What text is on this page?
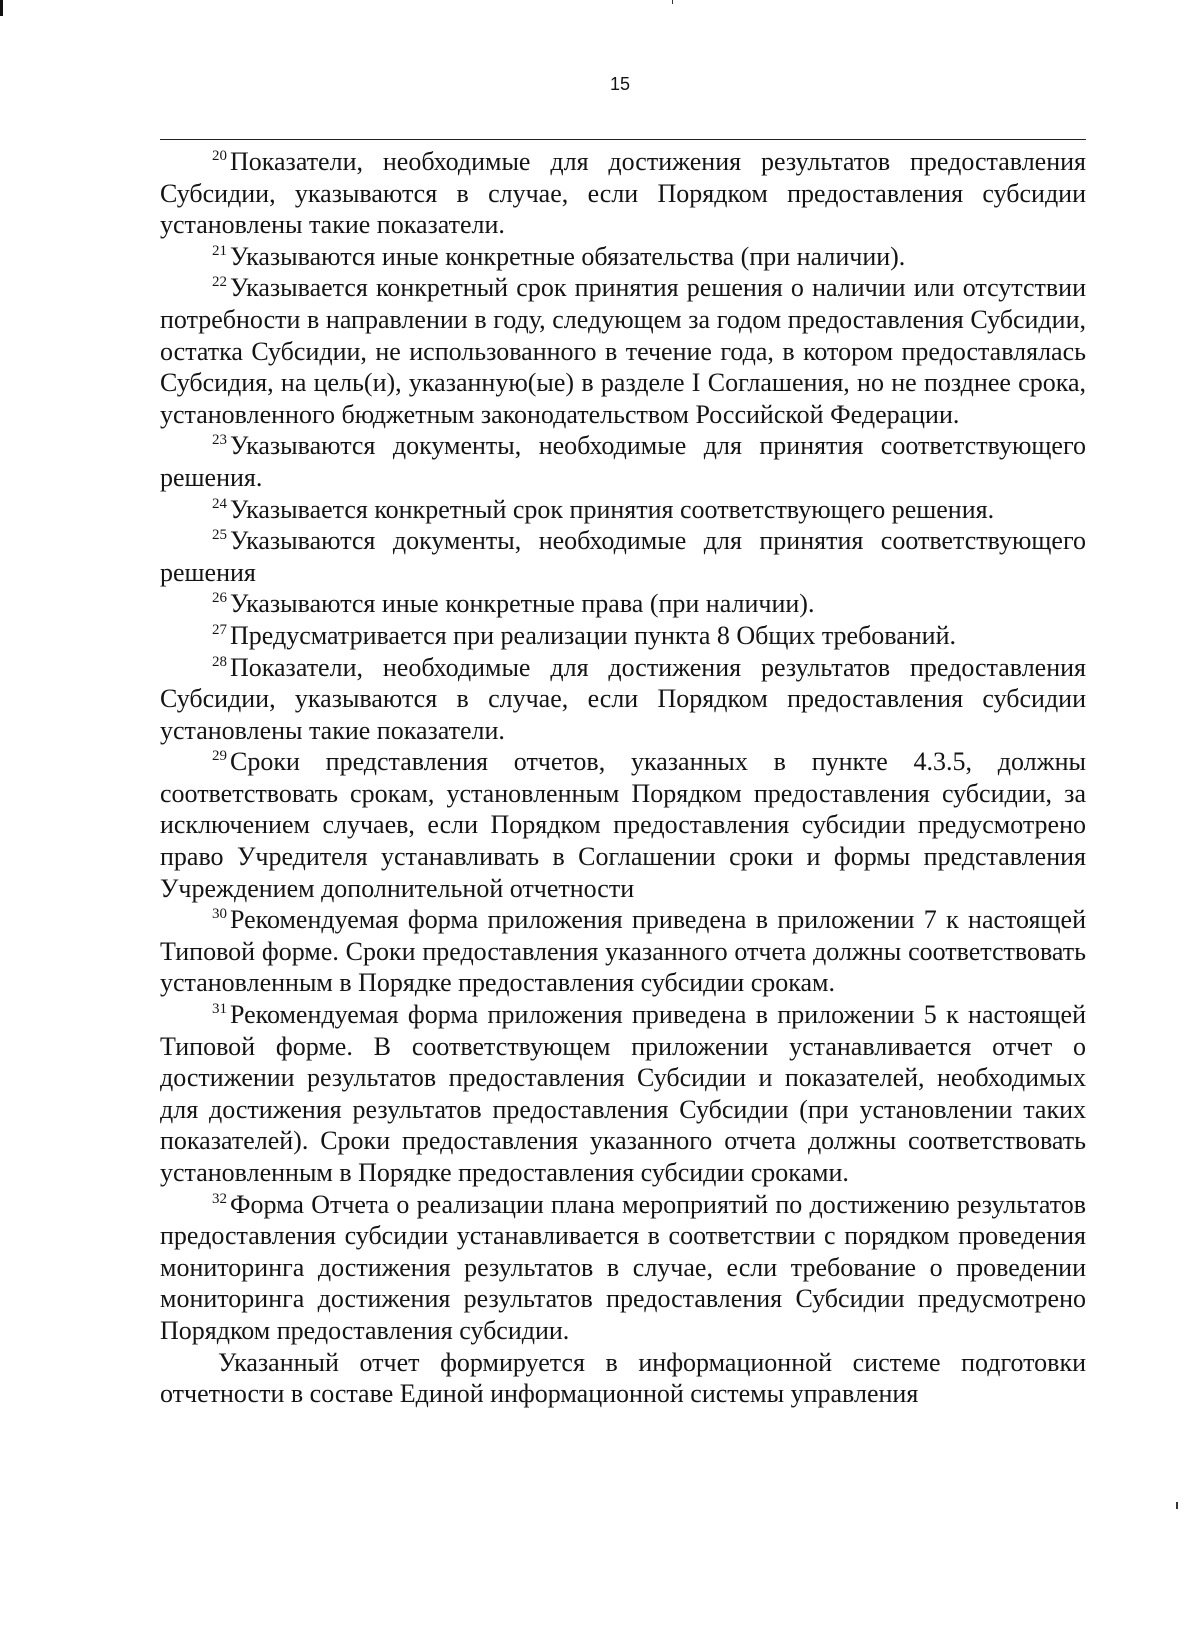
15

$^{20}$ Показатели, необходимые для достижения результатов предоставления Субсидии, указываются в случае, если Порядком предоставления субсидии установлены такие показатели.

$^{21}$ Указываются иные конкретные обязательства (при наличии).

$^{22}$ Указывается конкретный срок принятия решения о наличии или отсутствии потребности в направлении в году, следующем за годом предоставления Субсидии, остатка Субсидии, не использованного в течение года, в котором предоставлялась Субсидия, на цель(и), указанную(ые) в разделе I Соглашения, но не позднее срока, установленного бюджетным законодательством Российской Федерации.

$^{23}$ Указываются документы, необходимые для принятия соответствующего решения.

$^{24}$ Указывается конкретный срок принятия соответствующего решения.

$^{25}$ Указываются документы, необходимые для принятия соответствующего решения

$^{26}$ Указываются иные конкретные права (при наличии).

$^{27}$ Предусматривается при реализации пункта 8 Общих требований.

$^{28}$ Показатели, необходимые для достижения результатов предоставления Субсидии, указываются в случае, если Порядком предоставления субсидии установлены такие показатели.

$^{29}$ Сроки представления отчетов, указанных в пункте 4.3.5, должны соответствовать срокам, установленным Порядком предоставления субсидии, за исключением случаев, если Порядком предоставления субсидии предусмотрено право Учредителя устанавливать в Соглашении сроки и формы представления Учреждением дополнительной отчетности

$^{30}$ Рекомендуемая форма приложения приведена в приложении 7 к настоящей Типовой форме. Сроки предоставления указанного отчета должны соответствовать установленным в Порядке предоставления субсидии срокам.

$^{31}$ Рекомендуемая форма приложения приведена в приложении 5 к настоящей Типовой форме. В соответствующем приложении устанавливается отчет о достижении результатов предоставления Субсидии и показателей, необходимых для достижения результатов предоставления Субсидии (при установлении таких показателей). Сроки предоставления указанного отчета должны соответствовать установленным в Порядке предоставления субсидии сроками.

$^{32}$ Форма Отчета о реализации плана мероприятий по достижению результатов предоставления субсидии устанавливается в соответствии с порядком проведения мониторинга достижения результатов в случае, если требование о проведении мониторинга достижения результатов предоставления Субсидии предусмотрено Порядком предоставления субсидии.

Указанный отчет формируется в информационной системе подготовки отчетности в составе Единой информационной системы управления
